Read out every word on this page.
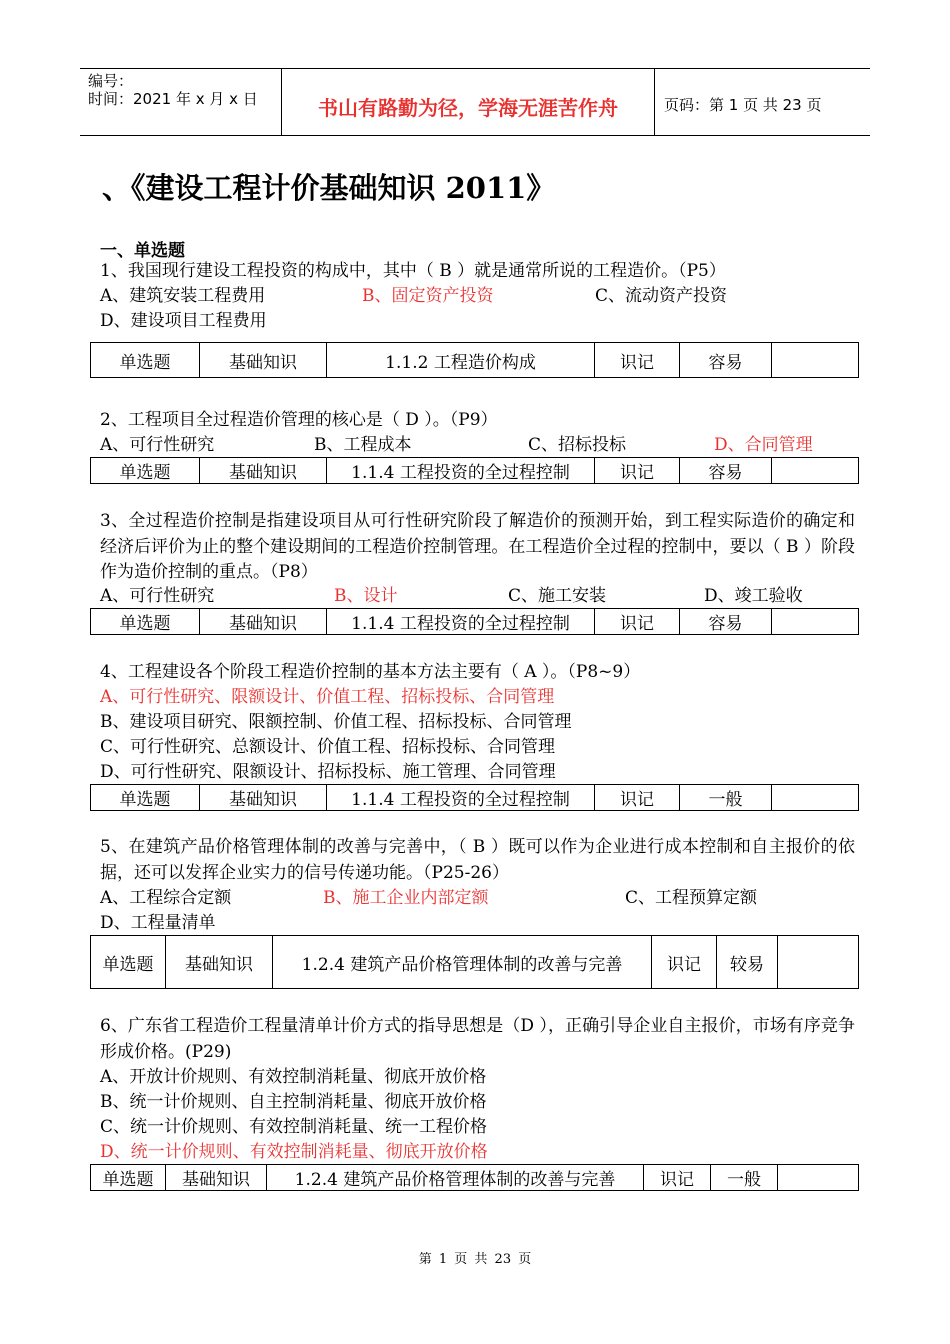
编号：
时间：2021 年 x 月 x 日	书山有路勤为径，学海无涯苦作舟	页码：第 1 页 共 23 页
、《建设工程计价基础知识 2011》
一、单选题
1、我国现行建设工程投资的构成中，其中（ B ）就是通常所说的工程造价。（P5）
A、建筑安装工程费用	B、固定资产投资	C、流动资产投资
D、建设项目工程费用
单选题	基础知识	1.1.2 工程造价构成	识记	容易	
2、工程项目全过程造价管理的核心是（ D ）。（P9）
A、可行性研究	B、工程成本	C、招标投标	D、合同管理
单选题	基础知识	1.1.4 工程投资的全过程控制	识记	容易	
3、全过程造价控制是指建设项目从可行性研究阶段了解造价的预测开始，到工程实际造价的确定和经济后评价为止的整个建设期间的工程造价控制管理。在工程造价全过程的控制中，要以（ B ）阶段作为造价控制的重点。（P8）
A、可行性研究	B、设计	C、施工安装	D、竣工验收
单选题	基础知识	1.1.4 工程投资的全过程控制	识记	容易	
4、工程建设各个阶段工程造价控制的基本方法主要有（ A ）。（P8~9）
A、可行性研究、限额设计、价值工程、招标投标、合同管理
B、建设项目研究、限额控制、价值工程、招标投标、合同管理
C、可行性研究、总额设计、价值工程、招标投标、合同管理
D、可行性研究、限额设计、招标投标、施工管理、合同管理
单选题	基础知识	1.1.4 工程投资的全过程控制	识记	一般	
5、在建筑产品价格管理体制的改善与完善中，（ B ）既可以作为企业进行成本控制和自主报价的依据，还可以发挥企业实力的信号传递功能。（P25-26）
A、工程综合定额	B、施工企业内部定额	C、工程预算定额
D、工程量清单
单选题	基础知识	1.2.4 建筑产品价格管理体制的改善与完善	识记	较易	
6、广东省工程造价工程量清单计价方式的指导思想是（D ），正确引导企业自主报价，市场有序竞争形成价格。(P29)
A、开放计价规则、有效控制消耗量、彻底开放价格
B、统一计价规则、自主控制消耗量、彻底开放价格
C、统一计价规则、有效控制消耗量、统一工程价格
D、统一计价规则、有效控制消耗量、彻底开放价格
单选题	基础知识	1.2.4 建筑产品价格管理体制的改善与完善	识记	一般	
第 1 页 共 23 页
